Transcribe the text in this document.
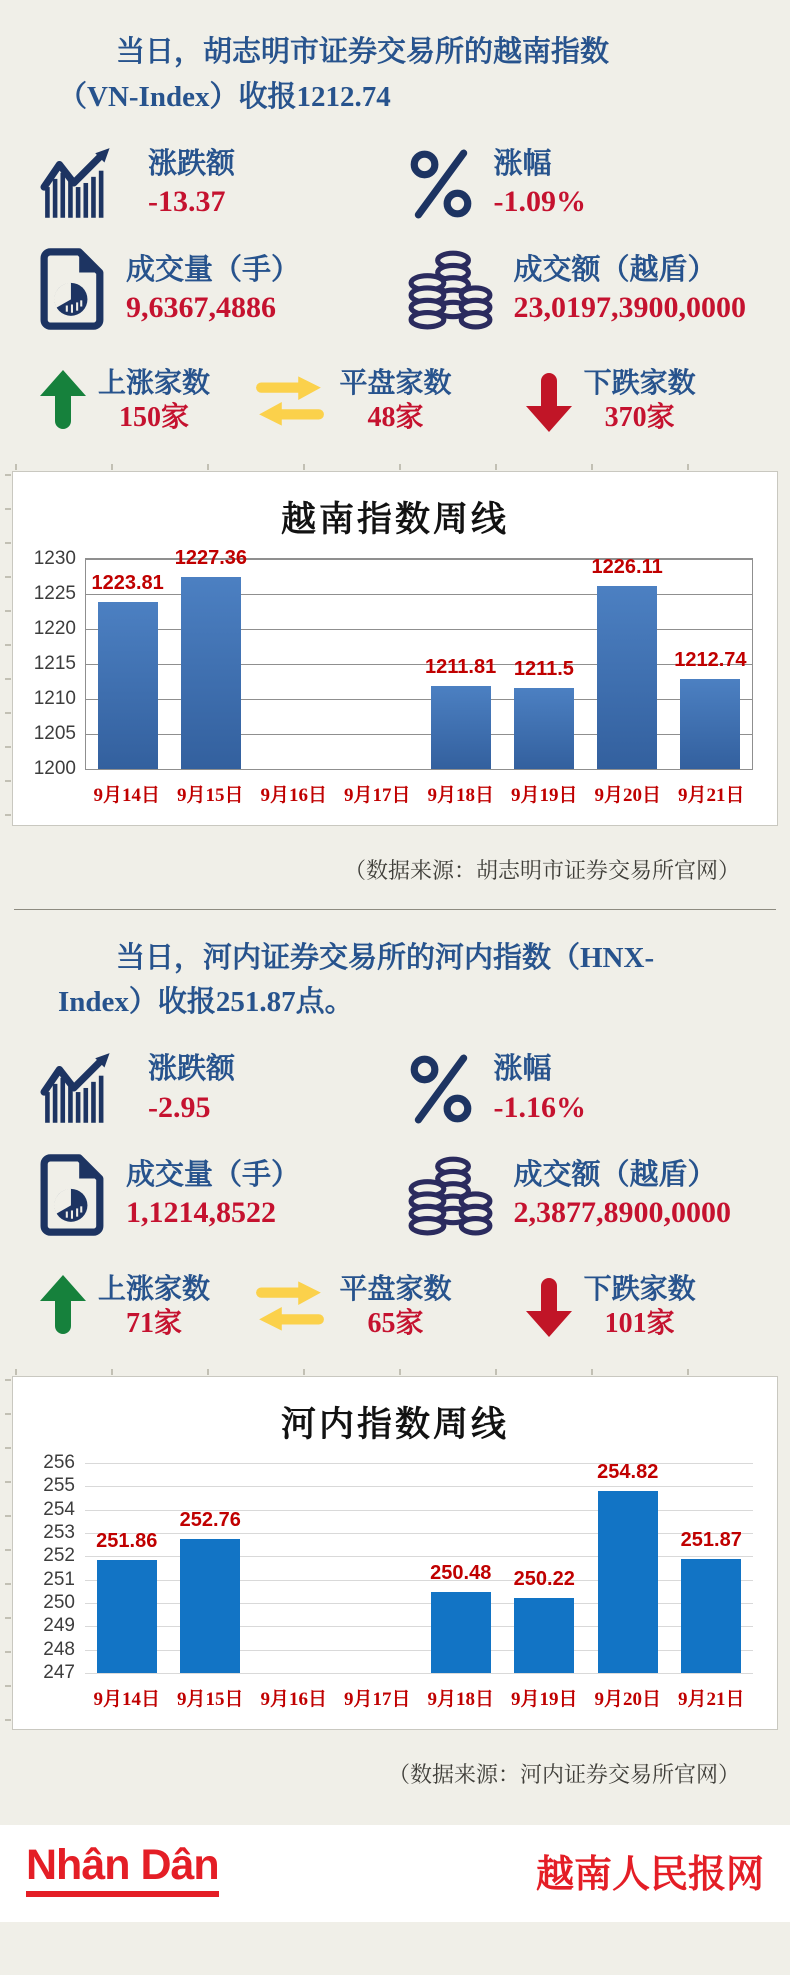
当日，胡志明市证券交易所的越南指数
（VN-Index）收报1212.74
涨跌额
-13.37
涨幅
-1.09%
成交量（手）
9,6367,4886
成交额（越盾）
23,0197,3900,0000
上涨家数
150家
平盘家数
48家
下跌家数
370家
越南指数周线
1230
1225
1220
1215
1210
1205
1200
1223.81
1227.36
1211.81 1211.5
1226.11
1212.74
9月14日 9月15日 9月16日 9月17日 9月18日 9月19日 9月20日 9月21日
（数据来源：胡志明市证券交易所官网）
当日，河内证券交易所的河内指数（HNX-
Index）收报251.87点。
涨跌额
-2.95
涨幅
-1.16%
成交量（手）
1,1214,8522
成交额（越盾）
2,3877,8900,0000
上涨家数
71家
平盘家数
65家
下跌家数
101家
河内指数周线
256
255
254
253
252
251
250
249
248
247
251.86
252.76
250.48 250.22
254.82
251.87
9月14日 9月15日 9月16日 9月17日 9月18日 9月19日 9月20日 9月21日
（数据来源：河内证券交易所官网）
Nhân Dân	越南人民报网
